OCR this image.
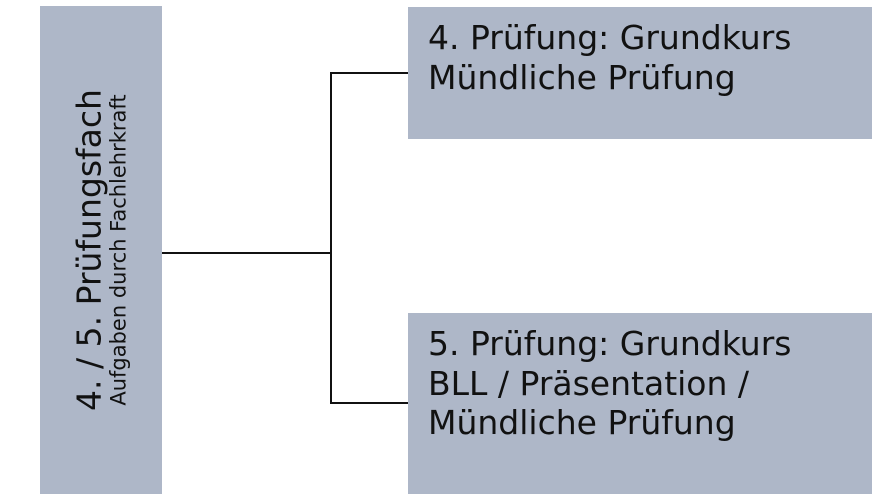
4. / 5. Prüfungsfach
Aufgaben durch Fachlehrkraft
4. Prüfung: Grundkurs
Mündliche Prüfung
5. Prüfung: Grundkurs
BLL / Präsentation /
Mündliche Prüfung
